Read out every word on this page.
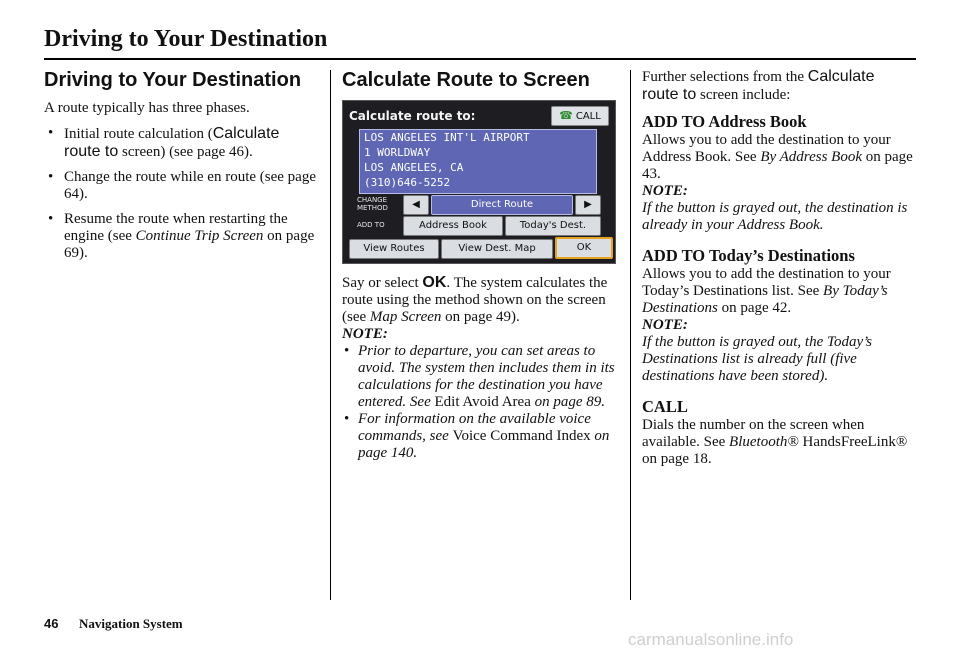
Driving to Your Destination
Driving to Your Destination

A route typically has three phases.

• Initial route calculation (Calculate route to screen) (see page 46).
• Change the route while en route (see page 64).
• Resume the route when restarting the engine (see Continue Trip Screen on page 69).
Calculate Route to Screen
Calculate route to:	☎ CALL
LOS ANGELES INT'L AIRPORT
1 WORLDWAY
LOS ANGELES, CA
(310)646-5252
CHANGE
METHOD	◀	Direct Route	▶
ADD TO	Address Book	Today's Dest.
View Routes	View Dest. Map	OK

Say or select OK. The system calculates the route using the method shown on the screen (see Map Screen on page 49).

NOTE:

• Prior to departure, you can set areas to avoid. The system then includes them in its calculations for the destination you have entered. See Edit Avoid Area on page 89.
• For information on the available voice commands, see Voice Command Index on page 140.

Further selections from the Calculate route to screen include:

ADD TO Address Book

Allows you to add the destination to your Address Book. See By Address Book on page 43.

NOTE:

If the button is grayed out, the destination is already in your Address Book.

ADD TO Today’s Destinations

Allows you to add the destination to your Today’s Destinations list. See By Today’s Destinations on page 42.

NOTE:

If the button is grayed out, the Today’s Destinations list is already full (five destinations have been stored).

CALL

Dials the number on the screen when available. See Bluetooth® HandsFreeLink® on page 18.

46 Navigation System
carmanualsonline.info
